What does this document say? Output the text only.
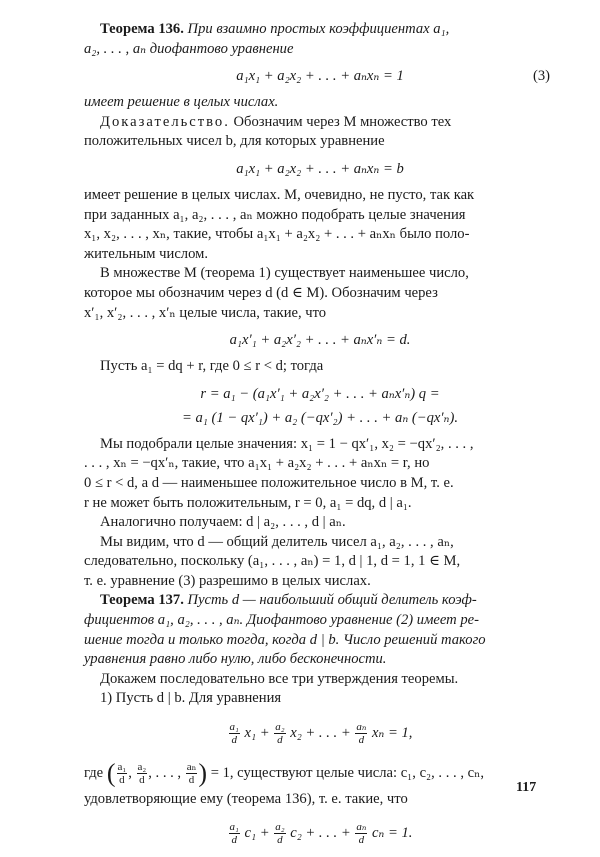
Теорема 136. При взаимно простых коэффициентах a₁,
a₂, . . . , aₙ диофантово уравнение

a₁x₁ + a₂x₂ + . . . + aₙxₙ = 1	(3)

имеет решение в целых числах.

Доказательство. Обозначим через M множество тех
положительных чисел b, для которых уравнение

a₁x₁ + a₂x₂ + . . . + aₙxₙ = b

имеет решение в целых числах. M, очевидно, не пусто, так как
при заданных a₁, a₂, . . . , aₙ можно подобрать целые значения
x₁, x₂, . . . , xₙ, такие, чтобы a₁x₁ + a₂x₂ + . . . + aₙxₙ было поло-
жительным числом.

В множестве M (теорема 1) существует наименьшее число,
которое мы обозначим через d (d ∈ M). Обозначим через
x′₁, x′₂, . . . , x′ₙ целые числа, такие, что

a₁x′₁ + a₂x′₂ + . . . + aₙx′ₙ = d.

Пусть a₁ = dq + r, где 0 ≤ r < d; тогда

r = a₁ − (a₁x′₁ + a₂x′₂ + . . . + aₙx′ₙ) q =
= a₁ (1 − qx′₁) + a₂ (−qx′₂) + . . . + aₙ (−qx′ₙ).

Мы подобрали целые значения: x₁ = 1 − qx′₁, x₂ = −qx′₂, . . . ,
. . . , xₙ = −qx′ₙ, такие, что a₁x₁ + a₂x₂ + . . . + aₙxₙ = r, но
0 ≤ r < d, а d — наименьшее положительное число в M, т. е.
r не может быть положительным, r = 0, a₁ = dq, d | a₁.

Аналогично получаем: d | a₂, . . . , d | aₙ.

Мы видим, что d — общий делитель чисел a₁, a₂, . . . , aₙ,
следовательно, поскольку (a₁, . . . , aₙ) = 1, d | 1, d = 1, 1 ∈ M,
т. е. уравнение (3) разрешимо в целых числах.

Теорема 137. Пусть d — наибольший общий делитель коэф-
фициентов a₁, a₂, . . . , aₙ. Диофантово уравнение (2) имеет ре-
шение тогда и только тогда, когда d | b. Число решений такого
уравнения равно либо нулю, либо бесконечности.

Докажем последовательно все три утверждения теоремы.

1) Пусть d | b. Для уравнения

$\frac{\text{a₁}}{d} x_1 + \frac{\text{a₂}}{d} x_2$ + . . . + $\frac{\text{aₙ}}{d}$ xₙ = 1,

где ( $\frac{\text{a₁}}{d}$ , $\frac{\text{a₂}}{d}$ , . . . , $\frac{\text{aₙ}}{d}$ ) = 1, существуют целые числа: c₁, c₂, . . . , cₙ,

удовлетворяющие ему (теорема 136), т. е. такие, что

$\frac{\text{a₁}}{d} c_1 + \frac{\text{a₂}}{d} c_2$ + . . . + $\frac{\text{aₙ}}{d}$ cₙ = 1.
117
